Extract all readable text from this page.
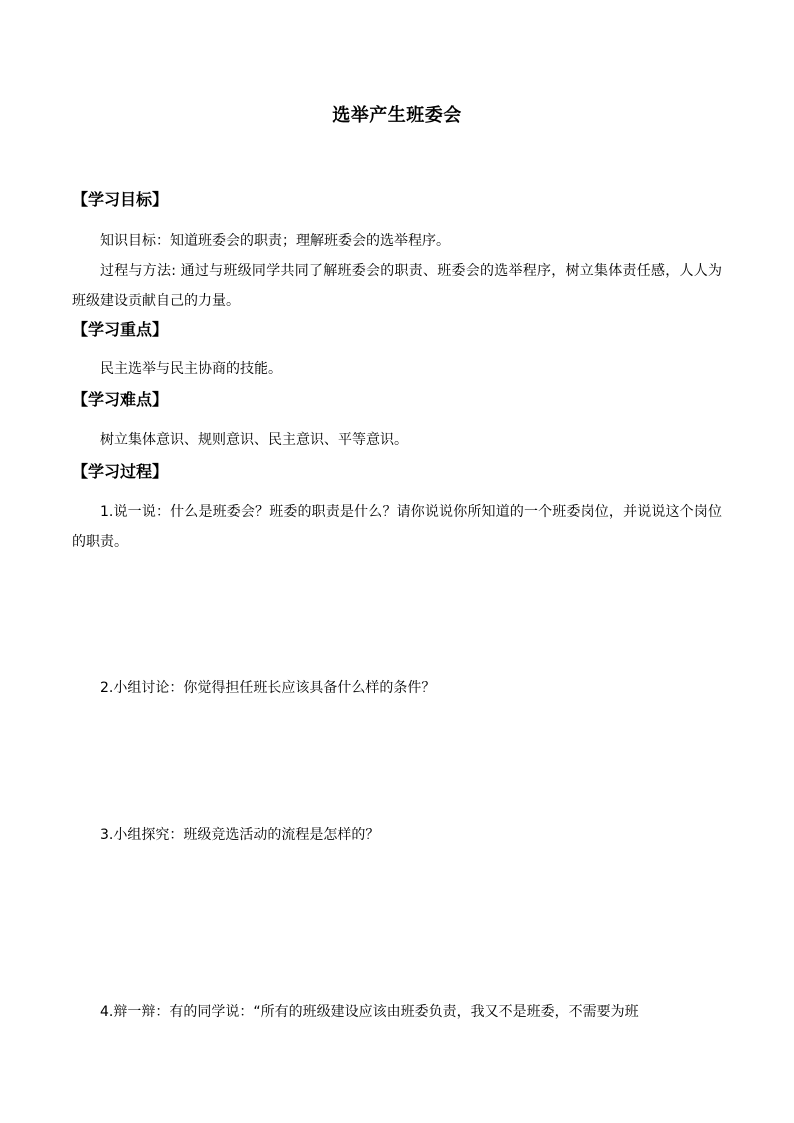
选举产生班委会
【学习目标】
知识目标：知道班委会的职责；理解班委会的选举程序。
过程与方法: 通过与班级同学共同了解班委会的职责、班委会的选举程序，树立集体责任感，人人为班级建设贡献自己的力量。
【学习重点】
民主选举与民主协商的技能。
【学习难点】
树立集体意识、规则意识、民主意识、平等意识。
【学习过程】
1.说一说：什么是班委会？班委的职责是什么？请你说说你所知道的一个班委岗位，并说说这个岗位的职责。
2.小组讨论：你觉得担任班长应该具备什么样的条件？
3.小组探究：班级竞选活动的流程是怎样的？
4.辩一辩：有的同学说：“所有的班级建设应该由班委负责，我又不是班委，不需要为班
